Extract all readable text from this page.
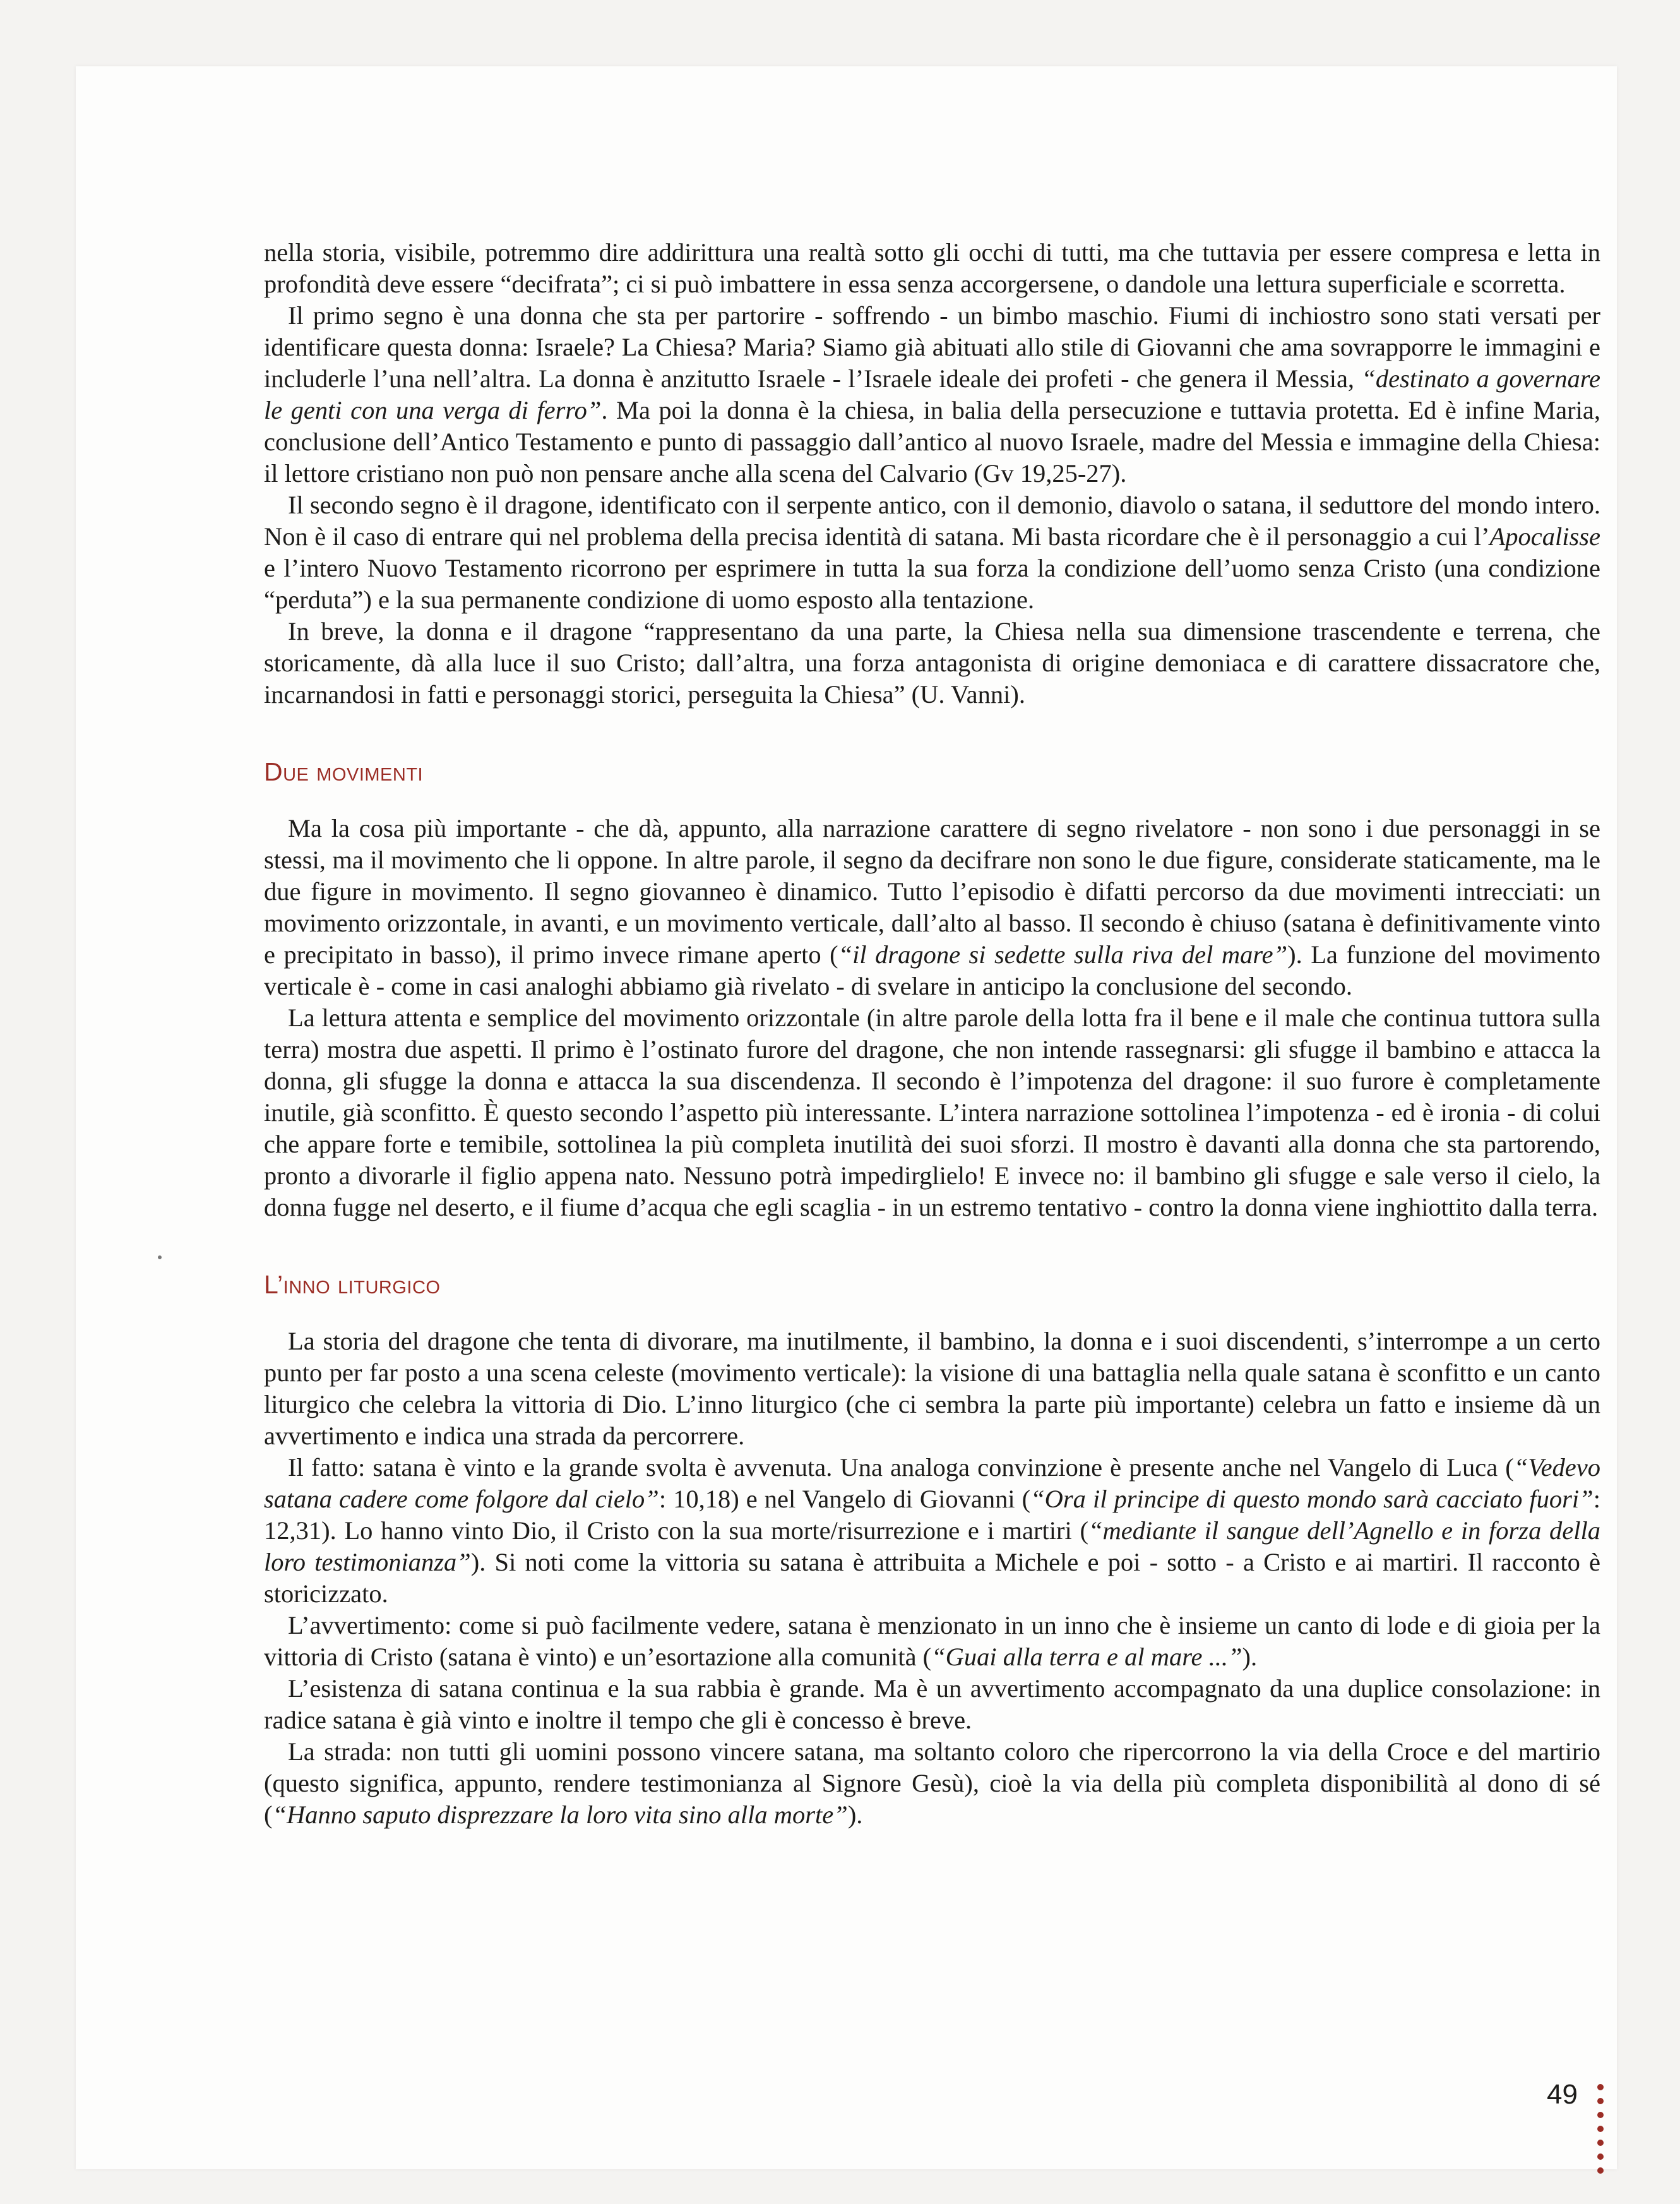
nella storia, visibile, potremmo dire addirittura una realtà sotto gli occhi di tutti, ma che tuttavia per essere compresa e letta in profondità deve essere “decifrata”; ci si può imbattere in essa senza accorgersene, o dandole una lettura superficiale e scorretta.

Il primo segno è una donna che sta per partorire - soffrendo - un bimbo maschio. Fiumi di inchiostro sono stati versati per identificare questa donna: Israele? La Chiesa? Maria? Siamo già abituati allo stile di Giovanni che ama sovrapporre le immagini e includerle l’una nell’altra. La donna è anzitutto Israele - l’Israele ideale dei profeti - che genera il Messia, “destinato a governare le genti con una verga di ferro”. Ma poi la donna è la chiesa, in balia della persecuzione e tuttavia protetta. Ed è infine Maria, conclusione dell’Antico Testamento e punto di passaggio dall’antico al nuovo Israele, madre del Messia e immagine della Chiesa: il lettore cristiano non può non pensare anche alla scena del Calvario (Gv 19,25-27).

Il secondo segno è il dragone, identificato con il serpente antico, con il demonio, diavolo o satana, il seduttore del mondo intero. Non è il caso di entrare qui nel problema della precisa identità di satana. Mi basta ricordare che è il personaggio a cui l’Apocalisse e l’intero Nuovo Testamento ricorrono per esprimere in tutta la sua forza la condizione dell’uomo senza Cristo (una condizione “perduta”) e la sua permanente condizione di uomo esposto alla tentazione.

In breve, la donna e il dragone “rappresentano da una parte, la Chiesa nella sua dimensione trascendente e terrena, che storicamente, dà alla luce il suo Cristo; dall’altra, una forza antagonista di origine demoniaca e di carattere dissacratore che, incarnandosi in fatti e personaggi storici, perseguita la Chiesa” (U. Vanni).

Due movimenti

Ma la cosa più importante - che dà, appunto, alla narrazione carattere di segno rivelatore - non sono i due personaggi in se stessi, ma il movimento che li oppone. In altre parole, il segno da decifrare non sono le due figure, considerate staticamente, ma le due figure in movimento. Il segno giovanneo è dinamico. Tutto l’episodio è difatti percorso da due movimenti intrecciati: un movimento orizzontale, in avanti, e un movimento verticale, dall’alto al basso. Il secondo è chiuso (satana è definitivamente vinto e precipitato in basso), il primo invece rimane aperto (“il dragone si sedette sulla riva del mare”). La funzione del movimento verticale è - come in casi analoghi abbiamo già rivelato - di svelare in anticipo la conclusione del secondo.

La lettura attenta e semplice del movimento orizzontale (in altre parole della lotta fra il bene e il male che continua tuttora sulla terra) mostra due aspetti. Il primo è l’ostinato furore del dragone, che non intende rassegnarsi: gli sfugge il bambino e attacca la donna, gli sfugge la donna e attacca la sua discendenza. Il secondo è l’impotenza del dragone: il suo furore è completamente inutile, già sconfitto. È questo secondo l’aspetto più interessante. L’intera narrazione sottolinea l’impotenza - ed è ironia - di colui che appare forte e temibile, sottolinea la più completa inutilità dei suoi sforzi. Il mostro è davanti alla donna che sta partorendo, pronto a divorarle il figlio appena nato. Nessuno potrà impedirglielo! E invece no: il bambino gli sfugge e sale verso il cielo, la donna fugge nel deserto, e il fiume d’acqua che egli scaglia - in un estremo tentativo - contro la donna viene inghiottito dalla terra.

L’inno liturgico

La storia del dragone che tenta di divorare, ma inutilmente, il bambino, la donna e i suoi discendenti, s’interrompe a un certo punto per far posto a una scena celeste (movimento verticale): la visione di una battaglia nella quale satana è sconfitto e un canto liturgico che celebra la vittoria di Dio. L’inno liturgico (che ci sembra la parte più importante) celebra un fatto e insieme dà un avvertimento e indica una strada da percorrere.

Il fatto: satana è vinto e la grande svolta è avvenuta. Una analoga convinzione è presente anche nel Vangelo di Luca (“Vedevo satana cadere come folgore dal cielo”: 10,18) e nel Vangelo di Giovanni (“Ora il principe di questo mondo sarà cacciato fuori”: 12,31). Lo hanno vinto Dio, il Cristo con la sua morte/risurrezione e i martiri (“mediante il sangue dell’Agnello e in forza della loro testimonianza”). Si noti come la vittoria su satana è attribuita a Michele e poi - sotto - a Cristo e ai martiri. Il racconto è storicizzato.

L’avvertimento: come si può facilmente vedere, satana è menzionato in un inno che è insieme un canto di lode e di gioia per la vittoria di Cristo (satana è vinto) e un’esortazione alla comunità (“Guai alla terra e al mare ...”).

L’esistenza di satana continua e la sua rabbia è grande. Ma è un avvertimento accompagnato da una duplice consolazione: in radice satana è già vinto e inoltre il tempo che gli è concesso è breve.

La strada: non tutti gli uomini possono vincere satana, ma soltanto coloro che ripercorrono la via della Croce e del martirio (questo significa, appunto, rendere testimonianza al Signore Gesù), cioè la via della più completa disponibilità al dono di sé (“Hanno saputo disprezzare la loro vita sino alla morte”).

49
